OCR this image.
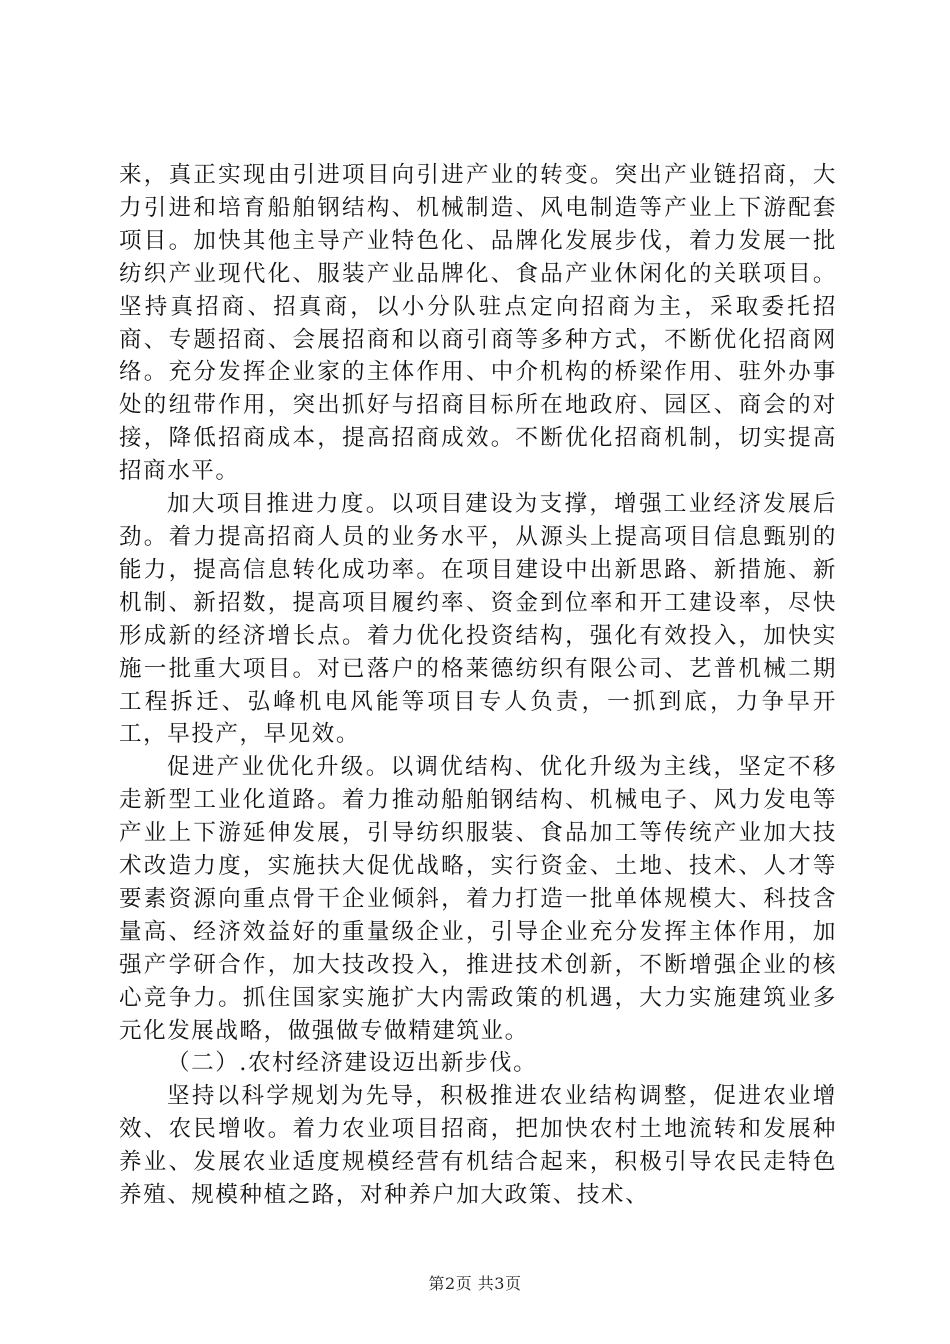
来，真正实现由引进项目向引进产业的转变。突出产业链招商，大力引进和培育船舶钢结构、机械制造、风电制造等产业上下游配套项目。加快其他主导产业特色化、品牌化发展步伐，着力发展一批纺织产业现代化、服装产业品牌化、食品产业休闲化的关联项目。坚持真招商、招真商，以小分队驻点定向招商为主，采取委托招商、专题招商、会展招商和以商引商等多种方式，不断优化招商网络。充分发挥企业家的主体作用、中介机构的桥梁作用、驻外办事处的纽带作用，突出抓好与招商目标所在地政府、园区、商会的对接，降低招商成本，提高招商成效。不断优化招商机制，切实提高招商水平。

加大项目推进力度。以项目建设为支撑，增强工业经济发展后劲。着力提高招商人员的业务水平，从源头上提高项目信息甄别的能力，提高信息转化成功率。在项目建设中出新思路、新措施、新机制、新招数，提高项目履约率、资金到位率和开工建设率，尽快形成新的经济增长点。着力优化投资结构，强化有效投入，加快实施一批重大项目。对已落户的格莱德纺织有限公司、艺普机械二期工程拆迁、弘峰机电风能等项目专人负责，一抓到底，力争早开工，早投产，早见效。

促进产业优化升级。以调优结构、优化升级为主线，坚定不移走新型工业化道路。着力推动船舶钢结构、机械电子、风力发电等产业上下游延伸发展，引导纺织服装、食品加工等传统产业加大技术改造力度，实施扶大促优战略，实行资金、土地、技术、人才等要素资源向重点骨干企业倾斜，着力打造一批单体规模大、科技含量高、经济效益好的重量级企业，引导企业充分发挥主体作用，加强产学研合作，加大技改投入，推进技术创新，不断增强企业的核心竞争力。抓住国家实施扩大内需政策的机遇，大力实施建筑业多元化发展战略，做强做专做精建筑业。

（二）.农村经济建设迈出新步伐。

坚持以科学规划为先导，积极推进农业结构调整，促进农业增效、农民增收。着力农业项目招商，把加快农村土地流转和发展种养业、发展农业适度规模经营有机结合起来，积极引导农民走特色养殖、规模种植之路，对种养户加大政策、技术、

第2页 共3页
